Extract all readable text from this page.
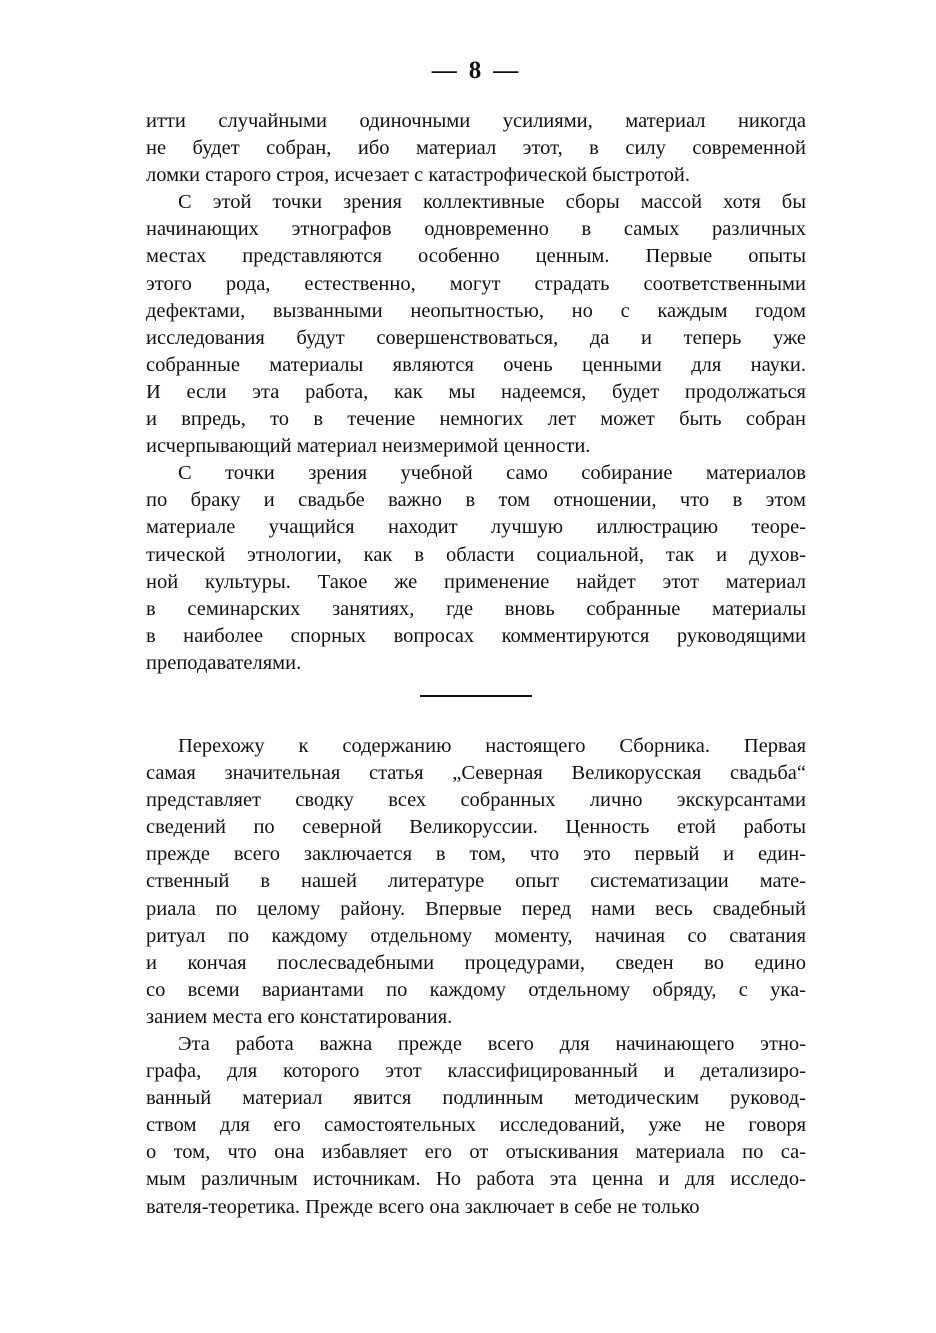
— 8 —
итти случайными одиночными усилиями, материал никогда
не будет собран, ибо материал этот, в силу современной
ломки старого строя, исчезает с катастрофической быстротой.
С этой точки зрения коллективные сборы массой хотя бы
начинающих этнографов одновременно в самых различных
местах представляются особенно ценным. Первые опыты
этого рода, естественно, могут страдать соответственными
дефектами, вызванными неопытностью, но с каждым годом
исследования будут совершенствоваться, да и теперь уже
собранные материалы являются очень ценными для науки.
И если эта работа, как мы надеемся, будет продолжаться
и впредь, то в течение немногих лет может быть собран
исчерпывающий материал неизмеримой ценности.
С точки зрения учебной само собирание материалов
по браку и свадьбе важно в том отношении, что в этом
материале учащийся находит лучшую иллюстрацию теоре-
тической этнологии, как в области социальной, так и духов-
ной культуры. Такое же применение найдет этот материал
в семинарских занятиях, где вновь собранные материалы
в наиболее спорных вопросах комментируются руководящими
преподавателями.
Перехожу к содержанию настоящего Сборника. Первая
самая значительная статья „Северная Великорусская свадьба“
представляет сводку всех собранных лично экскурсантами
сведений по северной Великоруссии. Ценность етой работы
прежде всего заключается в том, что это первый и един-
ственный в нашей литературе опыт систематизации мате-
риала по целому району. Впервые перед нами весь свадебный
ритуал по каждому отдельному моменту, начиная со сватания
и кончая послесвадебными процедурами, сведен во едино
со всеми вариантами по каждому отдельному обряду, с ука-
занием места его констатирования.
Эта работа важна прежде всего для начинающего этно-
графа, для которого этот классифицированный и детализиро-
ванный материал явится подлинным методическим руковод-
ством для его самостоятельных исследований, уже не говоря
о том, что она избавляет его от отыскивания материала по са-
мым различным источникам. Но работа эта ценна и для исследо-
вателя-теоретика. Прежде всего она заключает в себе не только
